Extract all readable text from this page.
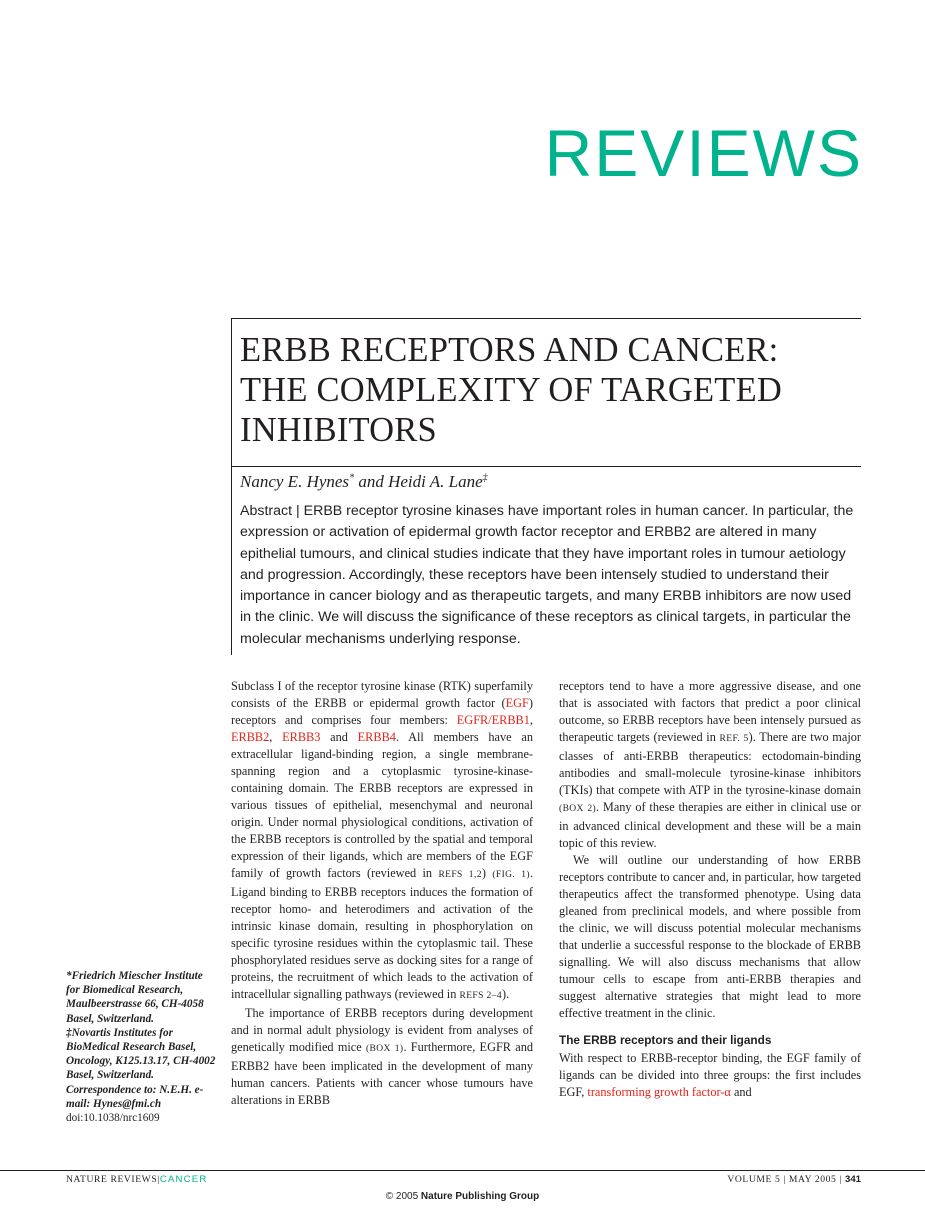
REVIEWS
ERBB RECEPTORS AND CANCER: THE COMPLEXITY OF TARGETED INHIBITORS
Nancy E. Hynes* and Heidi A. Lane‡

Abstract | ERBB receptor tyrosine kinases have important roles in human cancer. In particular, the expression or activation of epidermal growth factor receptor and ERBB2 are altered in many epithelial tumours, and clinical studies indicate that they have important roles in tumour aetiology and progression. Accordingly, these receptors have been intensely studied to understand their importance in cancer biology and as therapeutic targets, and many ERBB inhibitors are now used in the clinic. We will discuss the significance of these receptors as clinical targets, in particular the molecular mechanisms underlying response.

Subclass I of the receptor tyrosine kinase (RTK) superfamily consists of the ERBB or epidermal growth factor (EGF) receptors and comprises four members: EGFR/ERBB1, ERBB2, ERBB3 and ERBB4. All members have an extracellular ligand-binding region, a single membrane-spanning region and a cytoplasmic tyrosine-kinase-containing domain. The ERBB receptors are expressed in various tissues of epithelial, mesenchymal and neuronal origin. Under normal physiological conditions, activation of the ERBB receptors is controlled by the spatial and temporal expression of their ligands, which are members of the EGF family of growth factors (reviewed in REFS 1,2) (FIG. 1). Ligand binding to ERBB receptors induces the formation of receptor homo- and heterodimers and activation of the intrinsic kinase domain, resulting in phosphorylation on specific tyrosine residues within the cytoplasmic tail. These phosphorylated residues serve as docking sites for a range of proteins, the recruitment of which leads to the activation of intracellular signalling pathways (reviewed in REFS 2–4).

The importance of ERBB receptors during development and in normal adult physiology is evident from analyses of genetically modified mice (BOX 1). Furthermore, EGFR and ERBB2 have been implicated in the development of many human cancers. Patients with cancer whose tumours have alterations in ERBB

receptors tend to have a more aggressive disease, and one that is associated with factors that predict a poor clinical outcome, so ERBB receptors have been intensely pursued as therapeutic targets (reviewed in REF. 5). There are two major classes of anti-ERBB therapeutics: ectodomain-binding antibodies and small-molecule tyrosine-kinase inhibitors (TKIs) that compete with ATP in the tyrosine-kinase domain (BOX 2). Many of these therapies are either in clinical use or in advanced clinical development and these will be a main topic of this review.

We will outline our understanding of how ERBB receptors contribute to cancer and, in particular, how targeted therapeutics affect the transformed phenotype. Using data gleaned from preclinical models, and where possible from the clinic, we will discuss potential molecular mechanisms that underlie a successful response to the blockade of ERBB signalling. We will also discuss mechanisms that allow tumour cells to escape from anti-ERBB therapies and suggest alternative strategies that might lead to more effective treatment in the clinic.

The ERBB receptors and their ligands

With respect to ERBB-receptor binding, the EGF family of ligands can be divided into three groups: the first includes EGF, transforming growth factor-α and

*Friedrich Miescher Institute for Biomedical Research, Maulbeerstrasse 66, CH-4058 Basel, Switzerland.

‡Novartis Institutes for BioMedical Research Basel, Oncology, K125.13.17, CH-4002 Basel, Switzerland.

Correspondence to: N.E.H. e-mail: Hynes@fmi.ch

doi:10.1038/nrc1609

NATURE REVIEWS|CANCER	VOLUME 5 | MAY 2005 | 341
© 2005 Nature Publishing Group
